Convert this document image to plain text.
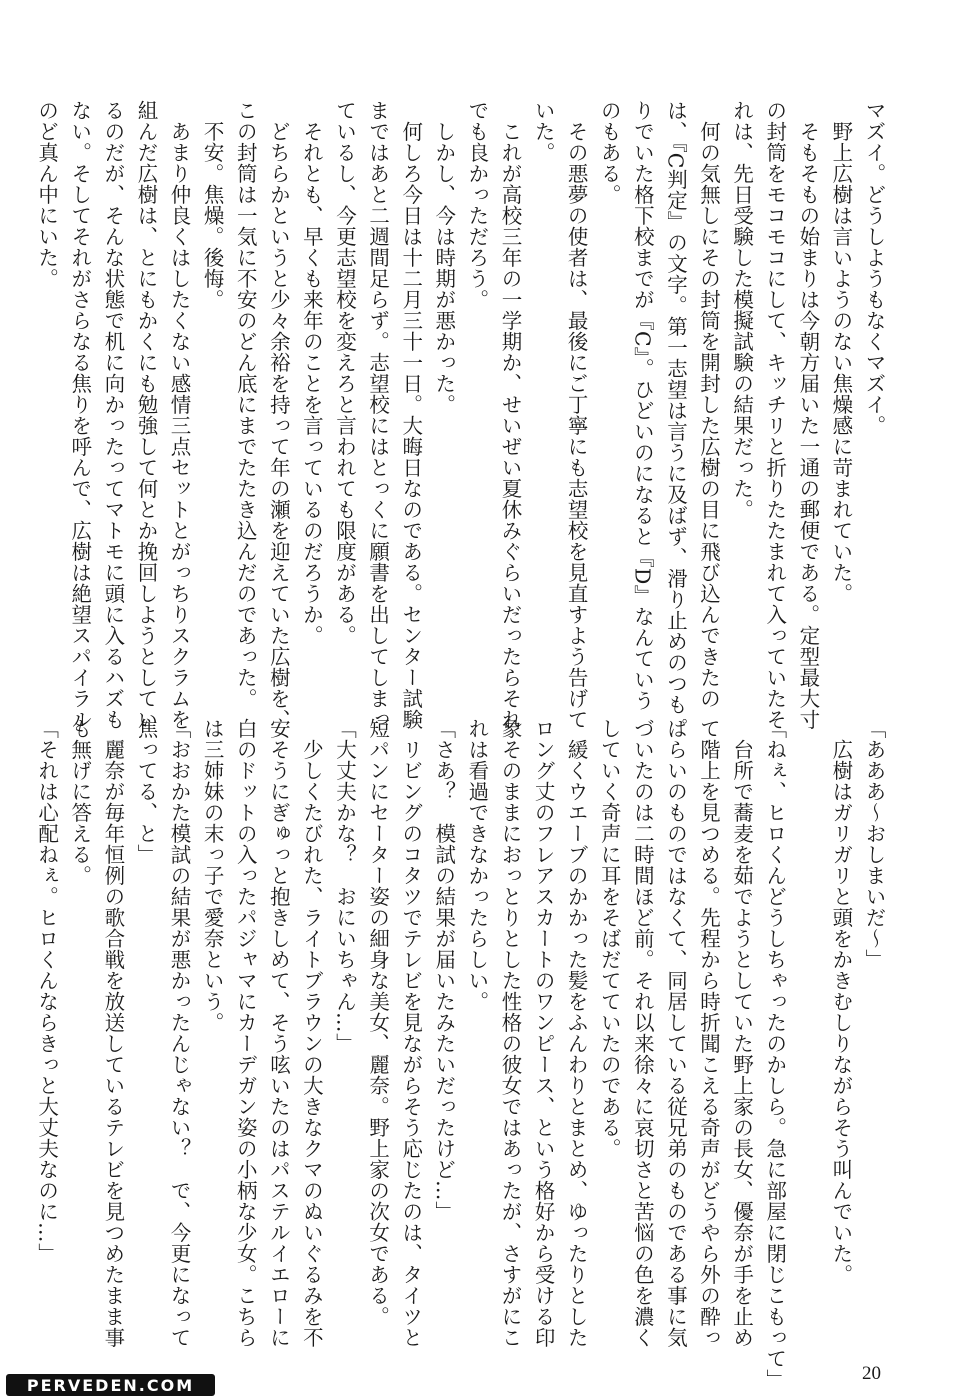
マズイ。どうしようもなくマズイ。
　野上広樹は言いようのない焦燥感に苛まれていた。
　そもそもの始まりは今朝方届いた一通の郵便である。定型最大寸
の封筒をモコモコにして、キッチリと折りたたまれて入っていたそ
れは、先日受験した模擬試験の結果だった。
　何の気無しにその封筒を開封した広樹の目に飛び込んできたの
は、『C判定』の文字。第一志望は言うに及ばず、滑り止めのつも
りでいた格下校までが『C』。ひどいのになると『D』なんていう
のもある。
　その悪夢の使者は、最後にご丁寧にも志望校を見直すよう告げて
いた。
　これが高校三年の一学期か、せいぜい夏休みぐらいだったらそれ
でも良かっただろう。
　しかし、今は時期が悪かった。
　何しろ今日は十二月三十一日。大晦日なのである。センター試験
まではあと二週間足らず。志望校にはとっくに願書を出してしまっ
ているし、今更志望校を変えろと言われても限度がある。
　それとも、早くも来年のことを言っているのだろうか。
　どちらかというと少々余裕を持って年の瀬を迎えていた広樹を、
この封筒は一気に不安のどん底にまでたたき込んだのであった。
　不安。焦燥。後悔。
　あまり仲良くはしたくない感情三点セットとがっちりスクラムを
組んだ広樹は、とにもかくにも勉強して何とか挽回しようとしてい
るのだが、そんな状態で机に向かったってマトモに頭に入るハズも
ない。そしてそれがさらなる焦りを呼んで、広樹は絶望スパイラル
のど真ん中にいた。
「あああ～おしまいだ～」
　広樹はガリガリと頭をかきむしりながらそう叫んでいた。

「ねぇ、ヒロくんどうしちゃったのかしら。急に部屋に閉じこもって」
　台所で蕎麦を茹でようとしていた野上家の長女、優奈が手を止め
て階上を見つめる。先程から時折聞こえる奇声がどうやら外の酔っ
ぱらいのものではなくて、同居している従兄弟のものである事に気
づいたのは二時間ほど前。それ以来徐々に哀切さと苦悩の色を濃く
していく奇声に耳をそばだてていたのである。
　緩くウエーブのかかった髪をふんわりとまとめ、ゆったりとした
ロング丈のフレアスカートのワンピース、という格好から受ける印
象そのままにおっとりとした性格の彼女ではあったが、さすがにこ
れは看過できなかったらしい。
「さあ？　模試の結果が届いたみたいだったけど…」
　リビングのコタツでテレビを見ながらそう応じたのは、タイツと
短パンにセーター姿の細身な美女、麗奈。野上家の次女である。
「大丈夫かな？　おにいちゃん…」
　少しくたびれた、ライトブラウンの大きなクマのぬいぐるみを不
安そうにぎゅっと抱きしめて、そう呟いたのはパステルイエローに
白のドットの入ったパジャマにカーデガン姿の小柄な少女。こちら
は三姉妹の末っ子で愛奈という。
「おおかた模試の結果が悪かったんじゃない？　で、今更になって
焦ってる、と」
　麗奈が毎年恒例の歌合戦を放送しているテレビを見つめたまま事
も無げに答える。
「それは心配ねぇ。ヒロくんならきっと大丈夫なのに…」
20
PERVEDEN.COM
